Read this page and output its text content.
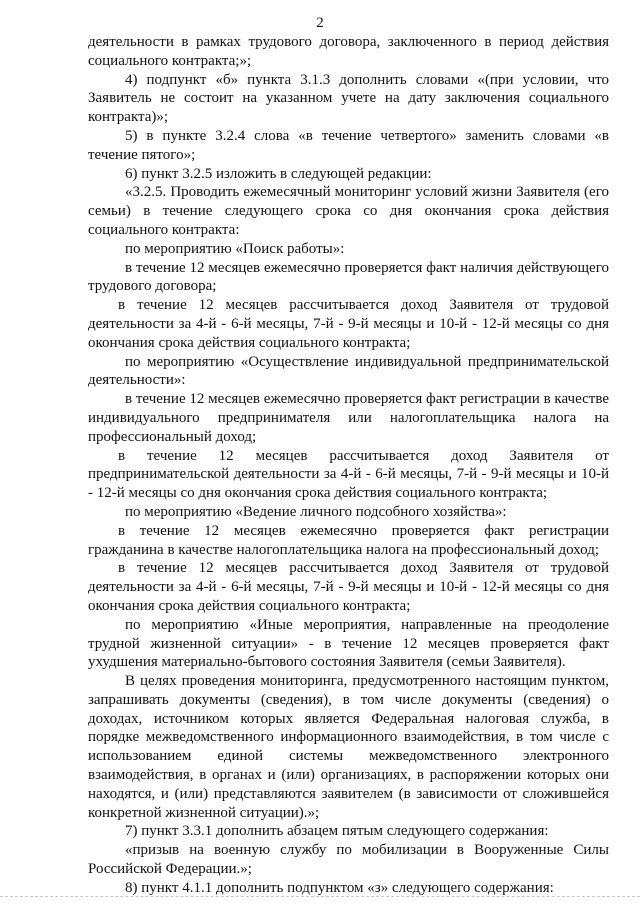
2

деятельности в рамках трудового договора, заключенного в период действия социального контракта;»;

4) подпункт «б» пункта 3.1.3 дополнить словами «(при условии, что Заявитель не состоит на указанном учете на дату заключения социального контракта)»;

5) в пункте 3.2.4 слова «в течение четвертого» заменить словами «в течение пятого»;

6) пункт 3.2.5 изложить в следующей редакции:

«3.2.5. Проводить ежемесячный мониторинг условий жизни Заявителя (его семьи) в течение следующего срока со дня окончания срока действия социального контракта:

по мероприятию «Поиск работы»:

в течение 12 месяцев ежемесячно проверяется факт наличия действующего трудового договора;

в течение 12 месяцев рассчитывается доход Заявителя от трудовой деятельности за 4-й - 6-й месяцы, 7-й - 9-й месяцы и 10-й - 12-й месяцы со дня окончания срока действия социального контракта;

по мероприятию «Осуществление индивидуальной предпринимательской деятельности»:

в течение 12 месяцев ежемесячно проверяется факт регистрации в качестве индивидуального предпринимателя или налогоплательщика налога на профессиональный доход;

в течение 12 месяцев рассчитывается доход Заявителя от предпринимательской деятельности за 4-й - 6-й месяцы, 7-й - 9-й месяцы и 10-й - 12-й месяцы со дня окончания срока действия социального контракта;

по мероприятию «Ведение личного подсобного хозяйства»:

в течение 12 месяцев ежемесячно проверяется факт регистрации гражданина в качестве налогоплательщика налога на профессиональный доход;

в течение 12 месяцев рассчитывается доход Заявителя от трудовой деятельности за 4-й - 6-й месяцы, 7-й - 9-й месяцы и 10-й - 12-й месяцы со дня окончания срока действия социального контракта;

по мероприятию «Иные мероприятия, направленные на преодоление трудной жизненной ситуации» - в течение 12 месяцев проверяется факт ухудшения материально-бытового состояния Заявителя (семьи Заявителя).

В целях проведения мониторинга, предусмотренного настоящим пунктом, запрашивать документы (сведения), в том числе документы (сведения) о доходах, источником которых является Федеральная налоговая служба, в порядке межведомственного информационного взаимодействия, в том числе с использованием единой системы межведомственного электронного взаимодействия, в органах и (или) организациях, в распоряжении которых они находятся, и (или) представляются заявителем (в зависимости от сложившейся конкретной жизненной ситуации).»;

7) пункт 3.3.1 дополнить абзацем пятым следующего содержания:

«призыв на военную службу по мобилизации в Вооруженные Силы Российской Федерации.»;

8) пункт 4.1.1 дополнить подпунктом «з» следующего содержания:
